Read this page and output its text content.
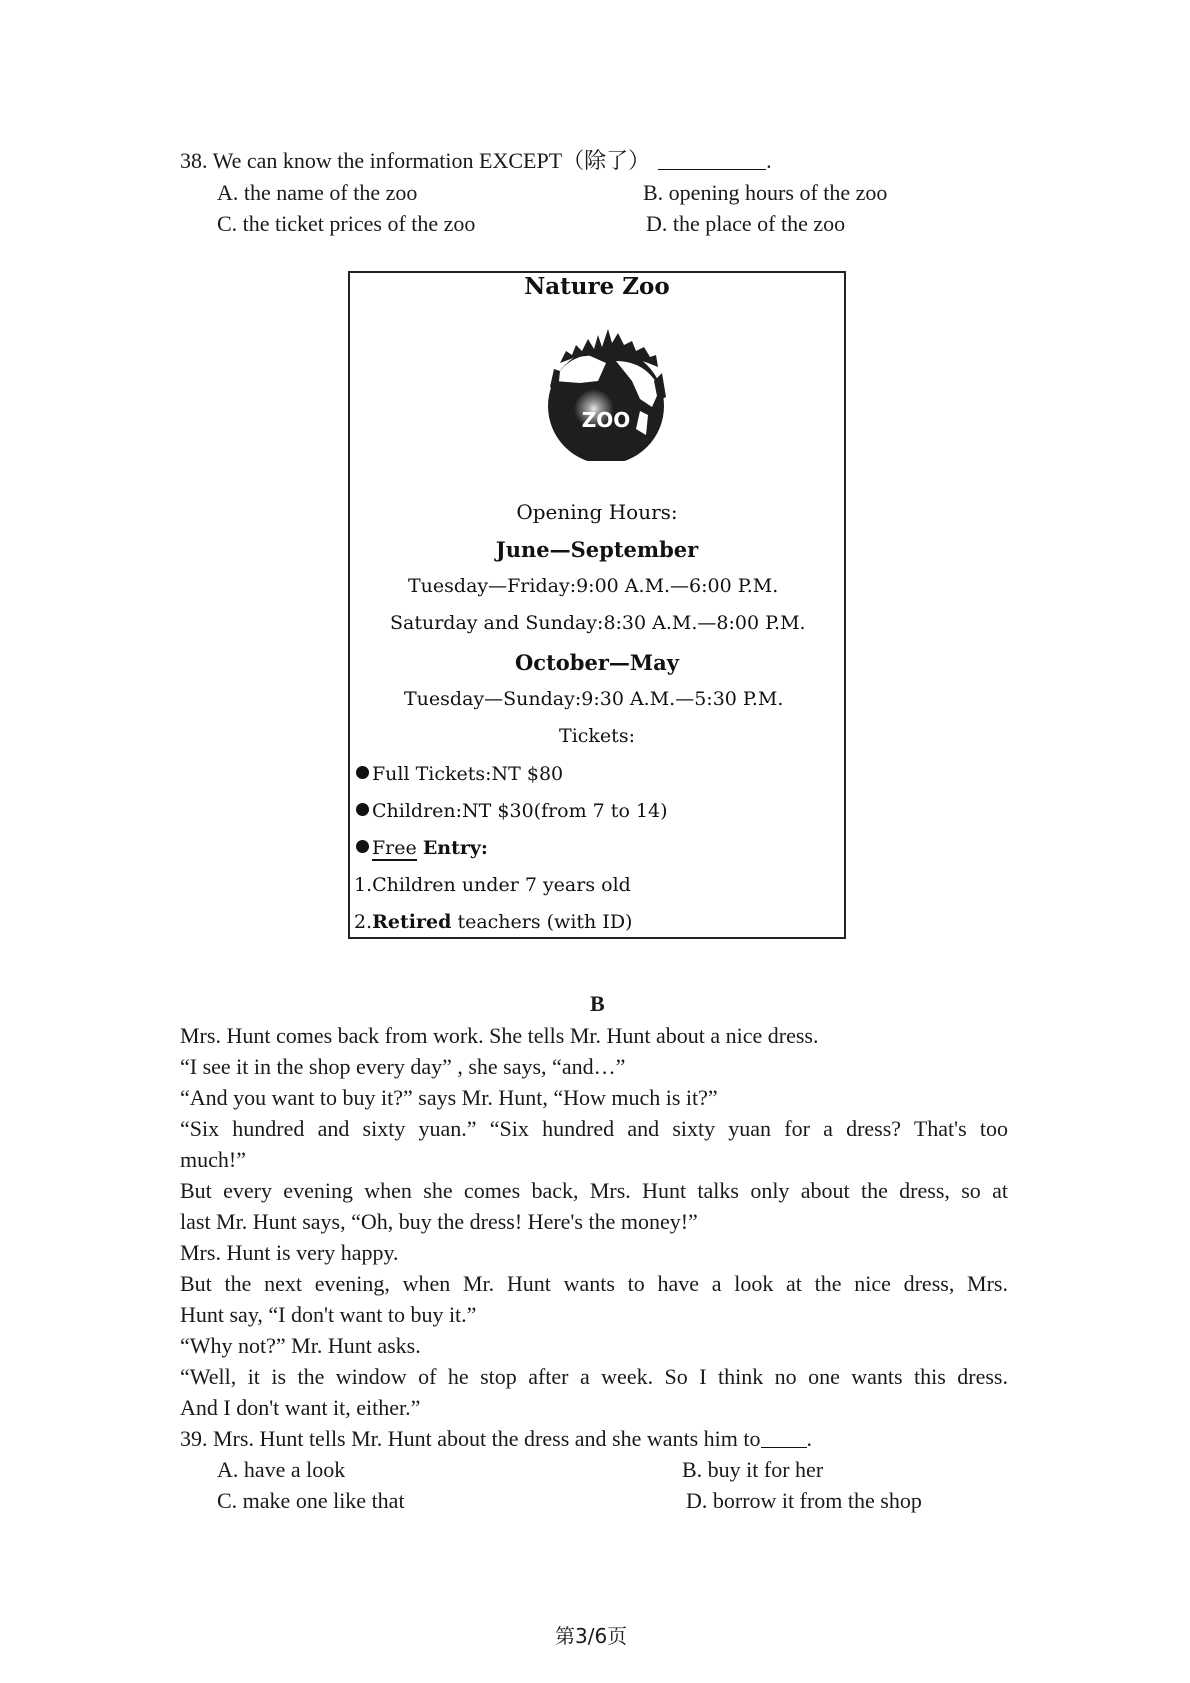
38. We can know the information EXCEPT（除了）	.
A. the name of the zoo	B. opening hours of the zoo
C. the ticket prices of the zoo	D. the place of the zoo
Nature Zoo
ZOO
Opening Hours:
June—September
Tuesday—Friday:9:00 A.M.—6:00 P.M.
Saturday and Sunday:8:30 A.M.—8:00 P.M.
October—May
Tuesday—Sunday:9:30 A.M.—5:30 P.M.
Tickets:
Full Tickets:NT $80
Children:NT $30(from 7 to 14)
Free Entry:
1.Children under 7 years old
2.Retired teachers (with ID)
B
Mrs. Hunt comes back from work. She tells Mr. Hunt about a nice dress.
“I see it in the shop every day” , she says, “and…”
“And you want to buy it?” says Mr. Hunt, “How much is it?”
“Six hundred and sixty yuan.” “Six hundred and sixty yuan for a dress? That's too
much!”
But every evening when she comes back, Mrs. Hunt talks only about the dress, so at
last Mr. Hunt says, “Oh, buy the dress! Here's the money!”
Mrs. Hunt is very happy.
But the next evening, when Mr. Hunt wants to have a look at the nice dress, Mrs.
Hunt say, “I don't want to buy it.”
“Why not?” Mr. Hunt asks.
“Well, it is the window of he stop after a week. So I think no one wants this dress.
And I don't want it, either.”
39. Mrs. Hunt tells Mr. Hunt about the dress and she wants him to .
A. have a look	B. buy it for her
C. make one like that	D. borrow it from the shop
第3/6页
